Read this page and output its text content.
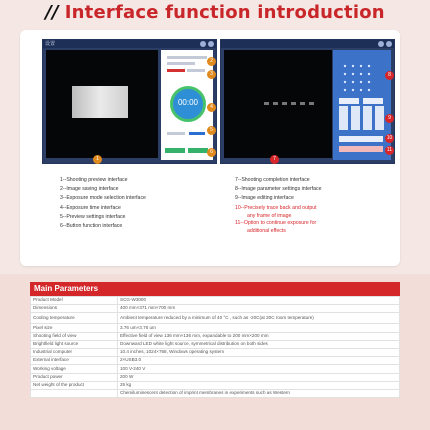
// Interface function introduction
设置
00:00
2
3
4
5
6
1
8
9
10
11
7
1--Shooting preview interface
2--Image saving interface
3--Exposure mode selection interface
4--Exposure time interface
5--Preview settings interface
6--Button function interface
7--Shooting completion interface
8--Image parameter settings interface
9--Image editing interface
10--Precisely trace back and output
any frame of image
11--Option to continue exposure for
additional effects
Main Parameters
Product Model	SCG-W3000
Dimensions	400 mm×371 mm×700 mm
Cooling temperature	Ambient temperature reduced by a minimum of 40 °C , such as -20C(at 20C room temperature)
Pixel size	3.76 um×3.76 um
Shooting field of view	Effective field of view 136 mm×136 mm, expandable to 200 mm×200 mm
Brightfield light source	Downward LED white light source, symmetrical distribution on both sides
Industrial computer	10.4 inches, 1024×768, Windows operating system
External interface	2×USB3.0
Working voltage	100 V-240 V
Product power	200 W
Net weight of the product	25 kg
	Chemiluminescent detection of imprint membranes in experiments such as Western
